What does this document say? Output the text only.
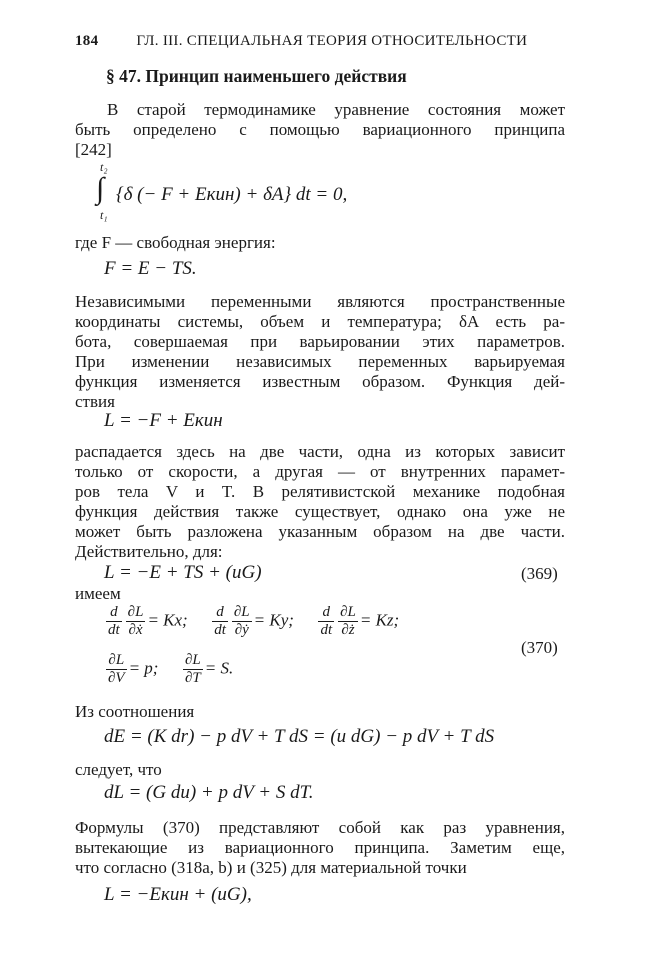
184	ГЛ. III. СПЕЦИАЛЬНАЯ ТЕОРИЯ ОТНОСИТЕЛЬНОСТИ
§ 47. Принцип наименьшего действия
В старой термодинамике уравнение состояния может
быть определено с помощью вариационного принципа
[242]
t₂
∫
t₁
{δ (− F + Eкин) + δA} dt = 0,
где F — свободная энергия:
F = E − TS.
Независимыми переменными являются пространственные
координаты системы, объем и температура; δA есть ра-
бота, совершаемая при варьировании этих параметров.
При изменении независимых переменных варьируемая
функция изменяется известным образом. Функция дей-
ствия
L = −F + Eкин
распадается здесь на две части, одна из которых зависит
только от скорости, а другая — от внутренних парамет-
ров тела V и T. В релятивистской механике подобная
функция действия также существует, однако она уже не
может быть разложена указанным образом на две части.
Действительно, для:
L = −E + TS + (uG)	(369)
имеем
$\frac{d}{dt} \frac{\partial L}{\text{∂ẋ}} = Kx$; $\frac{d}{dt} \frac{\partial L}{\text{∂ẏ}} = Ky$; $\frac{d}{dt} \frac{\partial L}{\partial ż} = Kz$;
(370)
$\frac{\partial L}{\partial V} = p$; $\frac{\partial L}{\partial T} = S$.
Из соотношения
dE = (K dr) − p dV + T dS = (u dG) − p dV + T dS
следует, что
dL = (G du) + p dV + S dT.
Формулы (370) представляют собой как раз уравнения,
вытекающие из вариационного принципа. Заметим еще,
что согласно (318a, b) и (325) для материальной точки
L = −Eкин + (uG),
